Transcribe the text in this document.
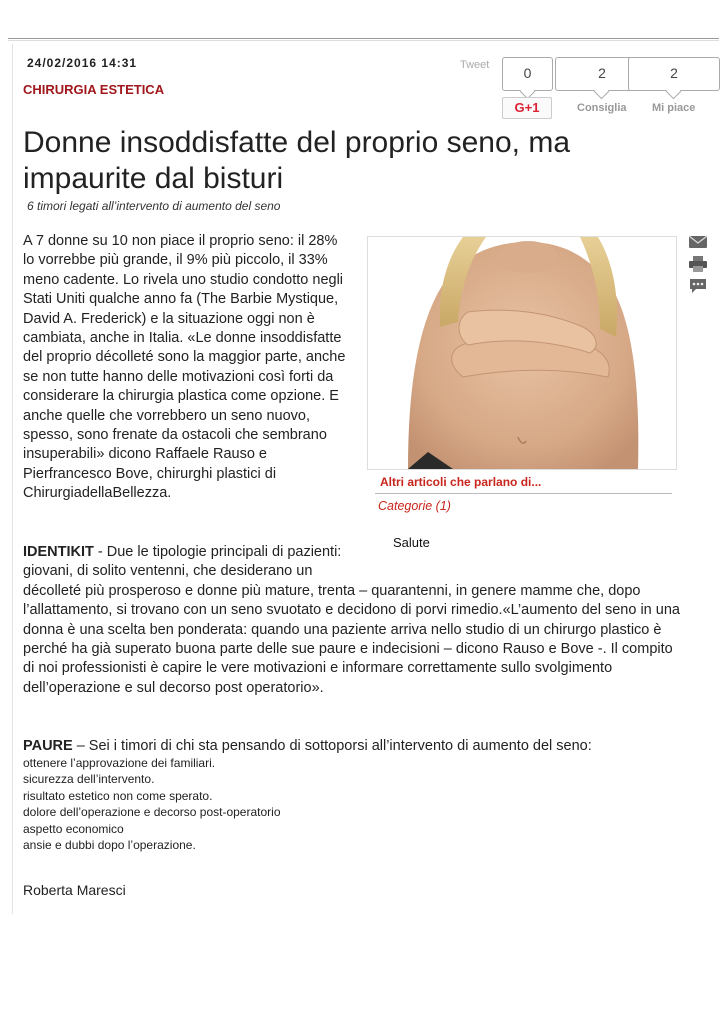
24/02/2016 14:31
CHIRURGIA ESTETICA
Tweet	0	2	2
G+1	Consiglia Mi piace
Donne insoddisfatte del proprio seno, ma impaurite dal bisturi
6 timori legati all’intervento di aumento del seno
A 7 donne su 10 non piace il proprio seno: il 28%
lo vorrebbe più grande, il 9% più piccolo, il 33%
meno cadente. Lo rivela uno studio condotto negli
Stati Uniti qualche anno fa (The Barbie Mystique,
David A. Frederick) e la situazione oggi non è
cambiata, anche in Italia. «Le donne insoddisfatte
del proprio décolleté sono la maggior parte, anche
se non tutte hanno delle motivazioni così forti da
considerare la chirurgia plastica come opzione. E
anche quelle che vorrebbero un seno nuovo,
spesso, sono frenate da ostacoli che sembrano
insuperabili» dicono Raffaele Rauso e
Pierfrancesco Bove, chirurghi plastici di
ChirurgiadellaBellezza.
Altri articoli che parlano di...
Categorie (1)
Salute
IDENTIKIT - Due le tipologie principali di pazienti:
giovani, di solito ventenni, che desiderano un
décolleté più prosperoso e donne più mature, trenta – quarantenni, in genere mamme che, dopo
l’allattamento, si trovano con un seno svuotato e decidono di porvi rimedio.«L’aumento del seno in una
donna è una scelta ben ponderata: quando una paziente arriva nello studio di un chirurgo plastico è
perché ha già superato buona parte delle sue paure e indecisioni – dicono Rauso e Bove -. Il compito
di noi professionisti è capire le vere motivazioni e informare correttamente sullo svolgimento
dell’operazione e sul decorso post operatorio».
PAURE – Sei i timori di chi sta pensando di sottoporsi all’intervento di aumento del seno:
ottenere l’approvazione dei familiari.
sicurezza dell’intervento.
risultato estetico non come sperato.
dolore dell’operazione e decorso post-operatorio
aspetto economico
ansie e dubbi dopo l’operazione.
Roberta Maresci
